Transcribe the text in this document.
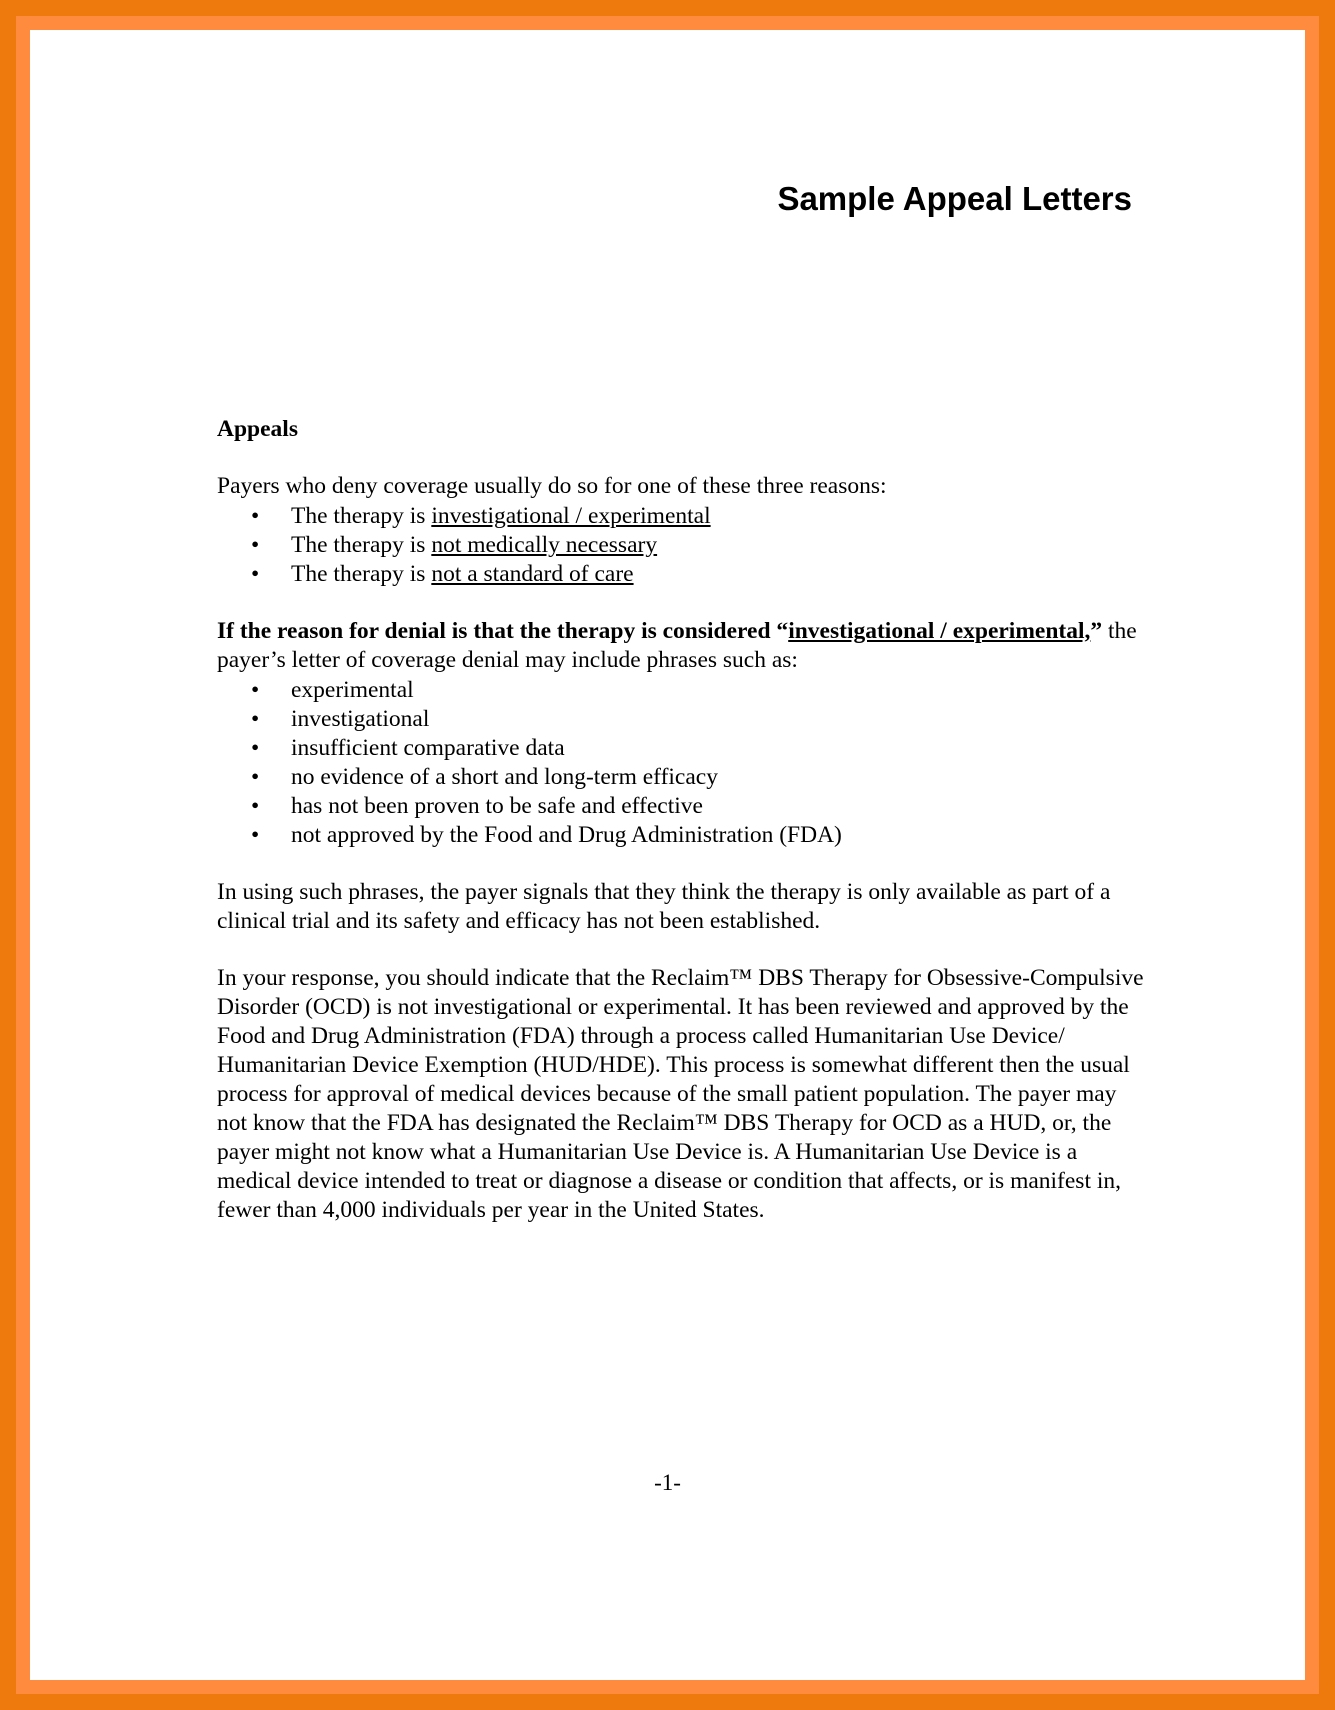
Sample Appeal Letters

Appeals

Payers who deny coverage usually do so for one of these three reasons:

• The therapy is investigational / experimental
• The therapy is not medically necessary
• The therapy is not a standard of care

If the reason for denial is that the therapy is considered “investigational / experimental,” the payer’s letter of coverage denial may include phrases such as:

• experimental
• investigational
• insufficient comparative data
• no evidence of a short and long-term efficacy
• has not been proven to be safe and effective
• not approved by the Food and Drug Administration (FDA)

In using such phrases, the payer signals that they think the therapy is only available as part of a clinical trial and its safety and efficacy has not been established.

In your response, you should indicate that the Reclaim™ DBS Therapy for Obsessive-Compulsive Disorder (OCD) is not investigational or experimental. It has been reviewed and approved by the Food and Drug Administration (FDA) through a process called Humanitarian Use Device/ Humanitarian Device Exemption (HUD/HDE). This process is somewhat different then the usual process for approval of medical devices because of the small patient population. The payer may not know that the FDA has designated the Reclaim™ DBS Therapy for OCD as a HUD, or, the payer might not know what a Humanitarian Use Device is. A Humanitarian Use Device is a medical device intended to treat or diagnose a disease or condition that affects, or is manifest in, fewer than 4,000 individuals per year in the United States.

-1-
